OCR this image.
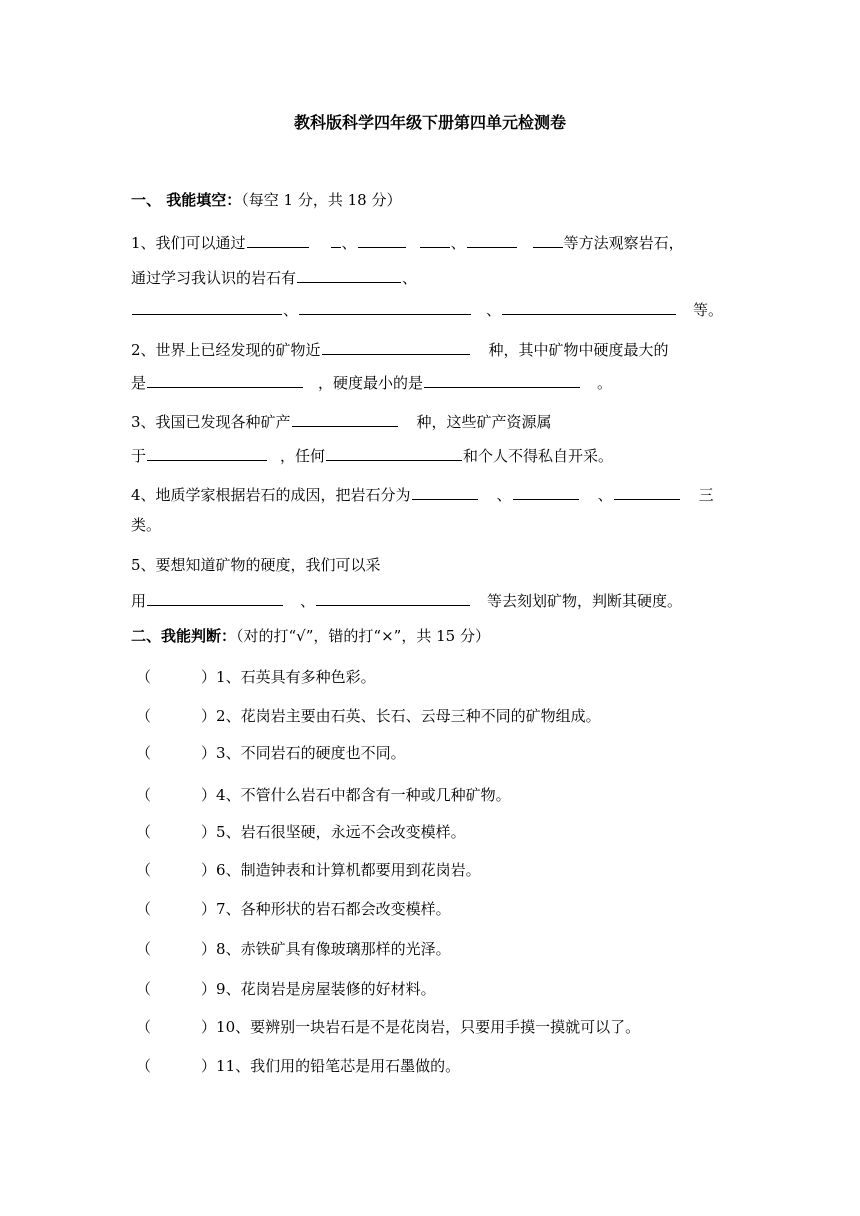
教科版科学四年级下册第四单元检测卷
一、 我能填空：（每空 1 分，共 18 分）
1、我们可以通过	、	、	等方法观察岩石，
通过学习我认识的岩石有	、
、	、	等。
2、世界上已经发现的矿物近	种，其中矿物中硬度最大的
是	，硬度最小的是	。
3、我国已发现各种矿产	种，这些矿产资源属
于	，任何	和个人不得私自开采。
4、地质学家根据岩石的成因，把岩石分为	、	、	三
类。
5、要想知道矿物的硬度，我们可以采
用	、	等去刻划矿物，判断其硬度。
二、我能判断：（对的打“√”，错的打“×”，共 15 分）
（	）1、石英具有多种色彩。
（	）2、花岗岩主要由石英、长石、云母三种不同的矿物组成。
（	）3、不同岩石的硬度也不同。
（	）4、不管什么岩石中都含有一种或几种矿物。
（	）5、岩石很坚硬，永远不会改变模样。
（	）6、制造钟表和计算机都要用到花岗岩。
（	）7、各种形状的岩石都会改变模样。
（	）8、赤铁矿具有像玻璃那样的光泽。
（	）9、花岗岩是房屋装修的好材料。
（	）10、要辨别一块岩石是不是花岗岩，只要用手摸一摸就可以了。
（	）11、我们用的铅笔芯是用石墨做的。
